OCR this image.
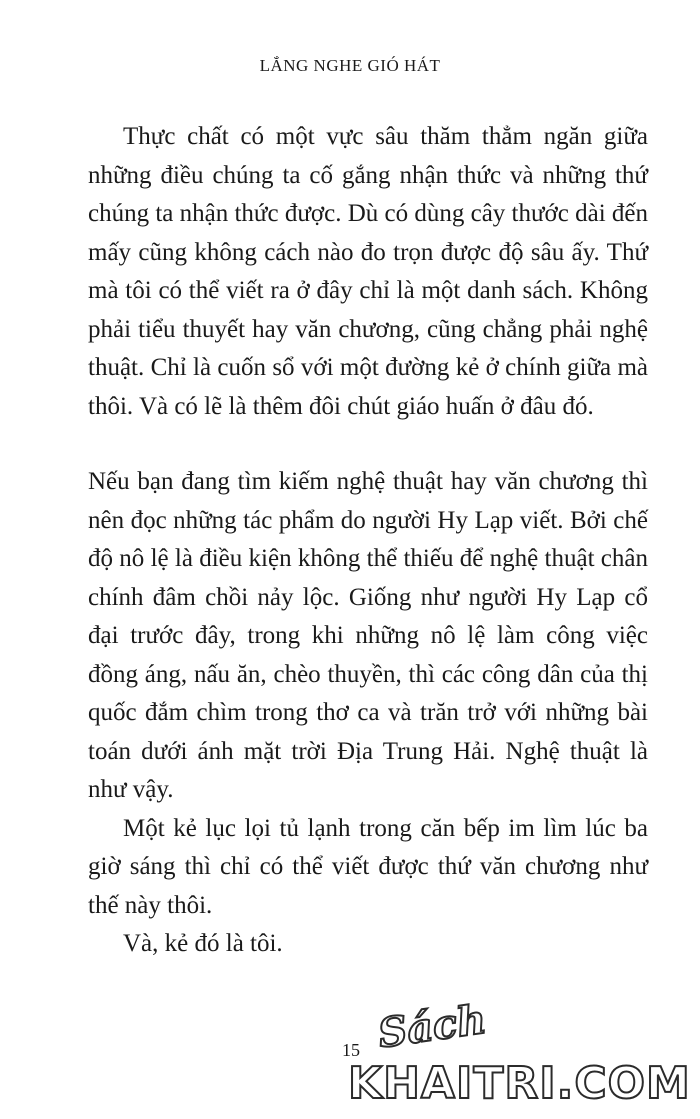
LẮNG NGHE GIÓ HÁT

Thực chất có một vực sâu thăm thẳm ngăn giữa những điều chúng ta cố gắng nhận thức và những thứ chúng ta nhận thức được. Dù có dùng cây thước dài đến mấy cũng không cách nào đo trọn được độ sâu ấy. Thứ mà tôi có thể viết ra ở đây chỉ là một danh sách. Không phải tiểu thuyết hay văn chương, cũng chẳng phải nghệ thuật. Chỉ là cuốn sổ với một đường kẻ ở chính giữa mà thôi. Và có lẽ là thêm đôi chút giáo huấn ở đâu đó.

Nếu bạn đang tìm kiếm nghệ thuật hay văn chương thì nên đọc những tác phẩm do người Hy Lạp viết. Bởi chế độ nô lệ là điều kiện không thể thiếu để nghệ thuật chân chính đâm chồi nảy lộc. Giống như người Hy Lạp cổ đại trước đây, trong khi những nô lệ làm công việc đồng áng, nấu ăn, chèo thuyền, thì các công dân của thị quốc đắm chìm trong thơ ca và trăn trở với những bài toán dưới ánh mặt trời Địa Trung Hải. Nghệ thuật là như vậy.

Một kẻ lục lọi tủ lạnh trong căn bếp im lìm lúc ba giờ sáng thì chỉ có thể viết được thứ văn chương như thế này thôi.

Và, kẻ đó là tôi.

15 Sách
KHAITRI.COM
